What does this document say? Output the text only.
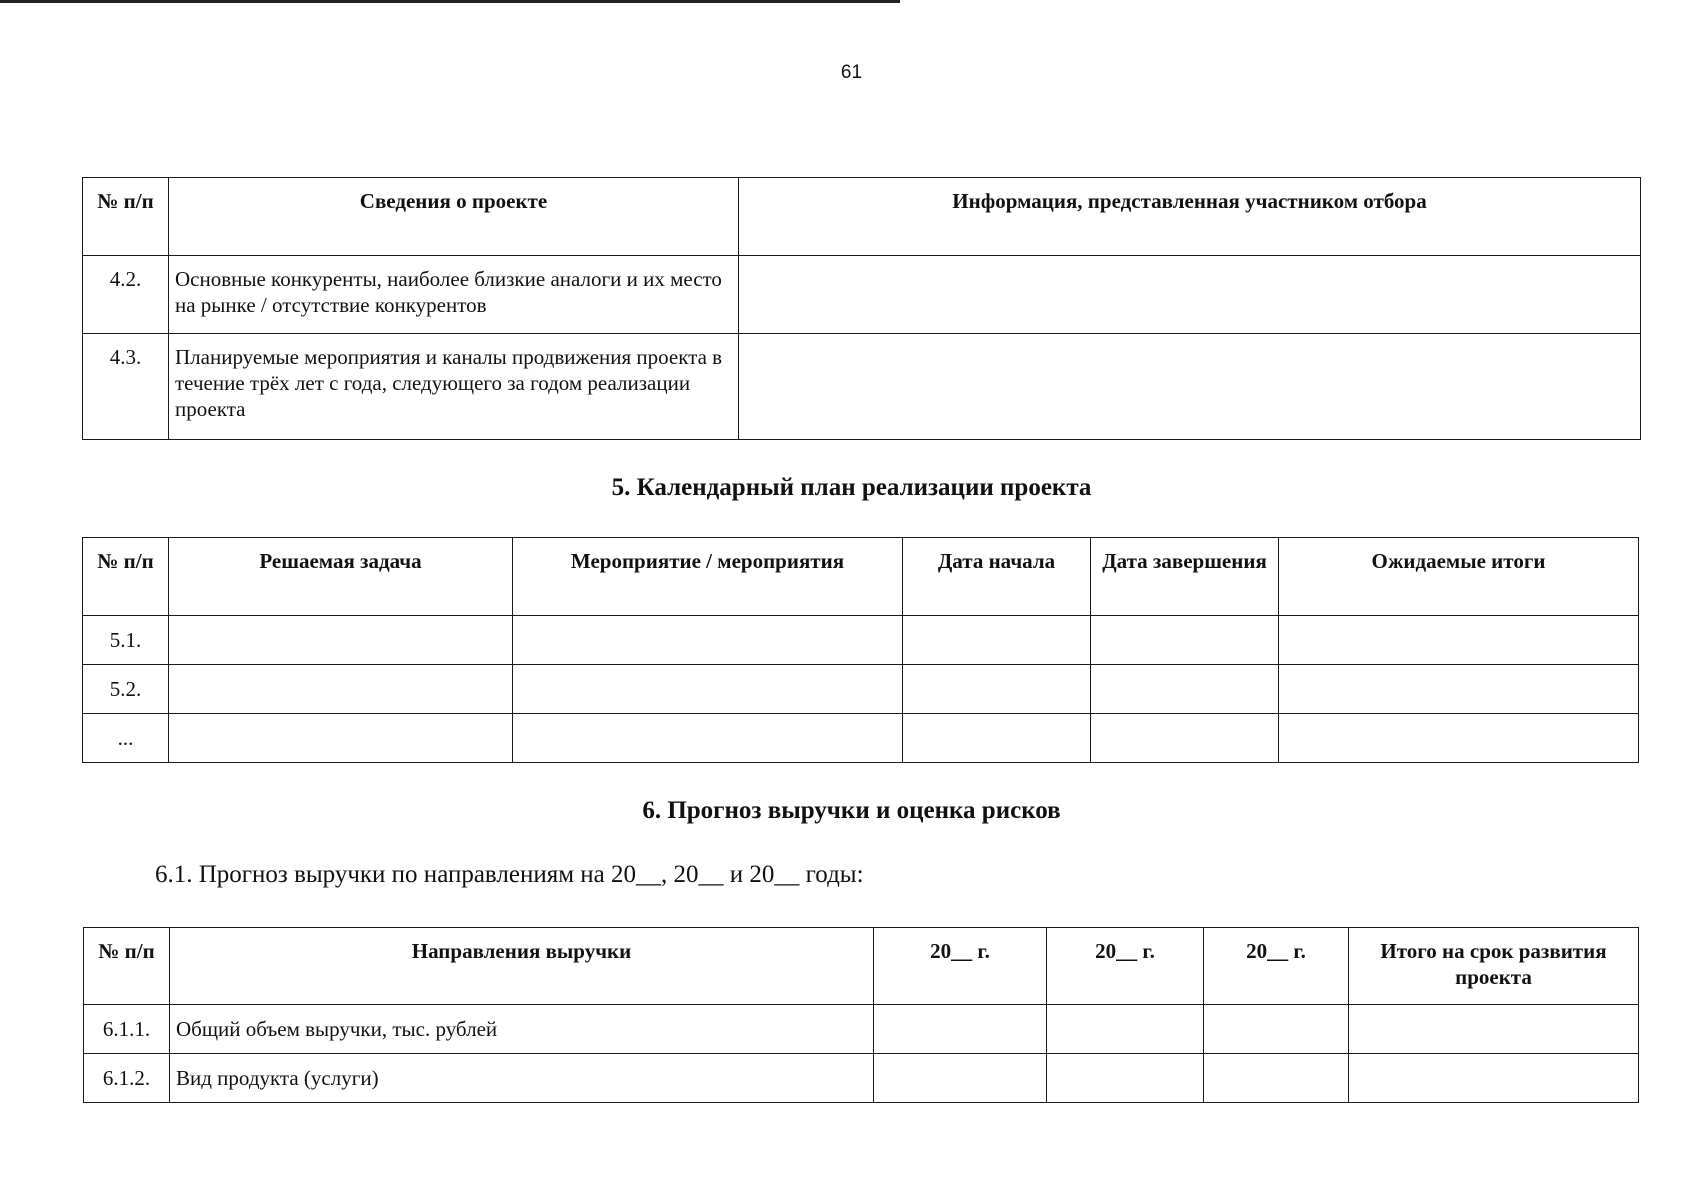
61
№ п/п	Сведения о проекте	Информация, представленная участником отбора
4.2.	Основные конкуренты, наиболее близкие аналоги и их место на рынке / отсутствие конкурентов	
4.3.	Планируемые мероприятия и каналы продвижения проекта в течение трёх лет с года, следующего за годом реализации проекта	
5. Календарный план реализации проекта
№ п/п	Решаемая задача	Мероприятие / мероприятия	Дата начала	Дата завершения	Ожидаемые итоги
5.1.					
5.2.					
...					
6. Прогноз выручки и оценка рисков
6.1. Прогноз выручки по направлениям на 20__, 20__ и 20__ годы:
№ п/п	Направления выручки	20__ г.	20__ г.	20__ г.	Итого на срок развития проекта
6.1.1.	Общий объем выручки, тыс. рублей				
6.1.2.	Вид продукта (услуги)				
